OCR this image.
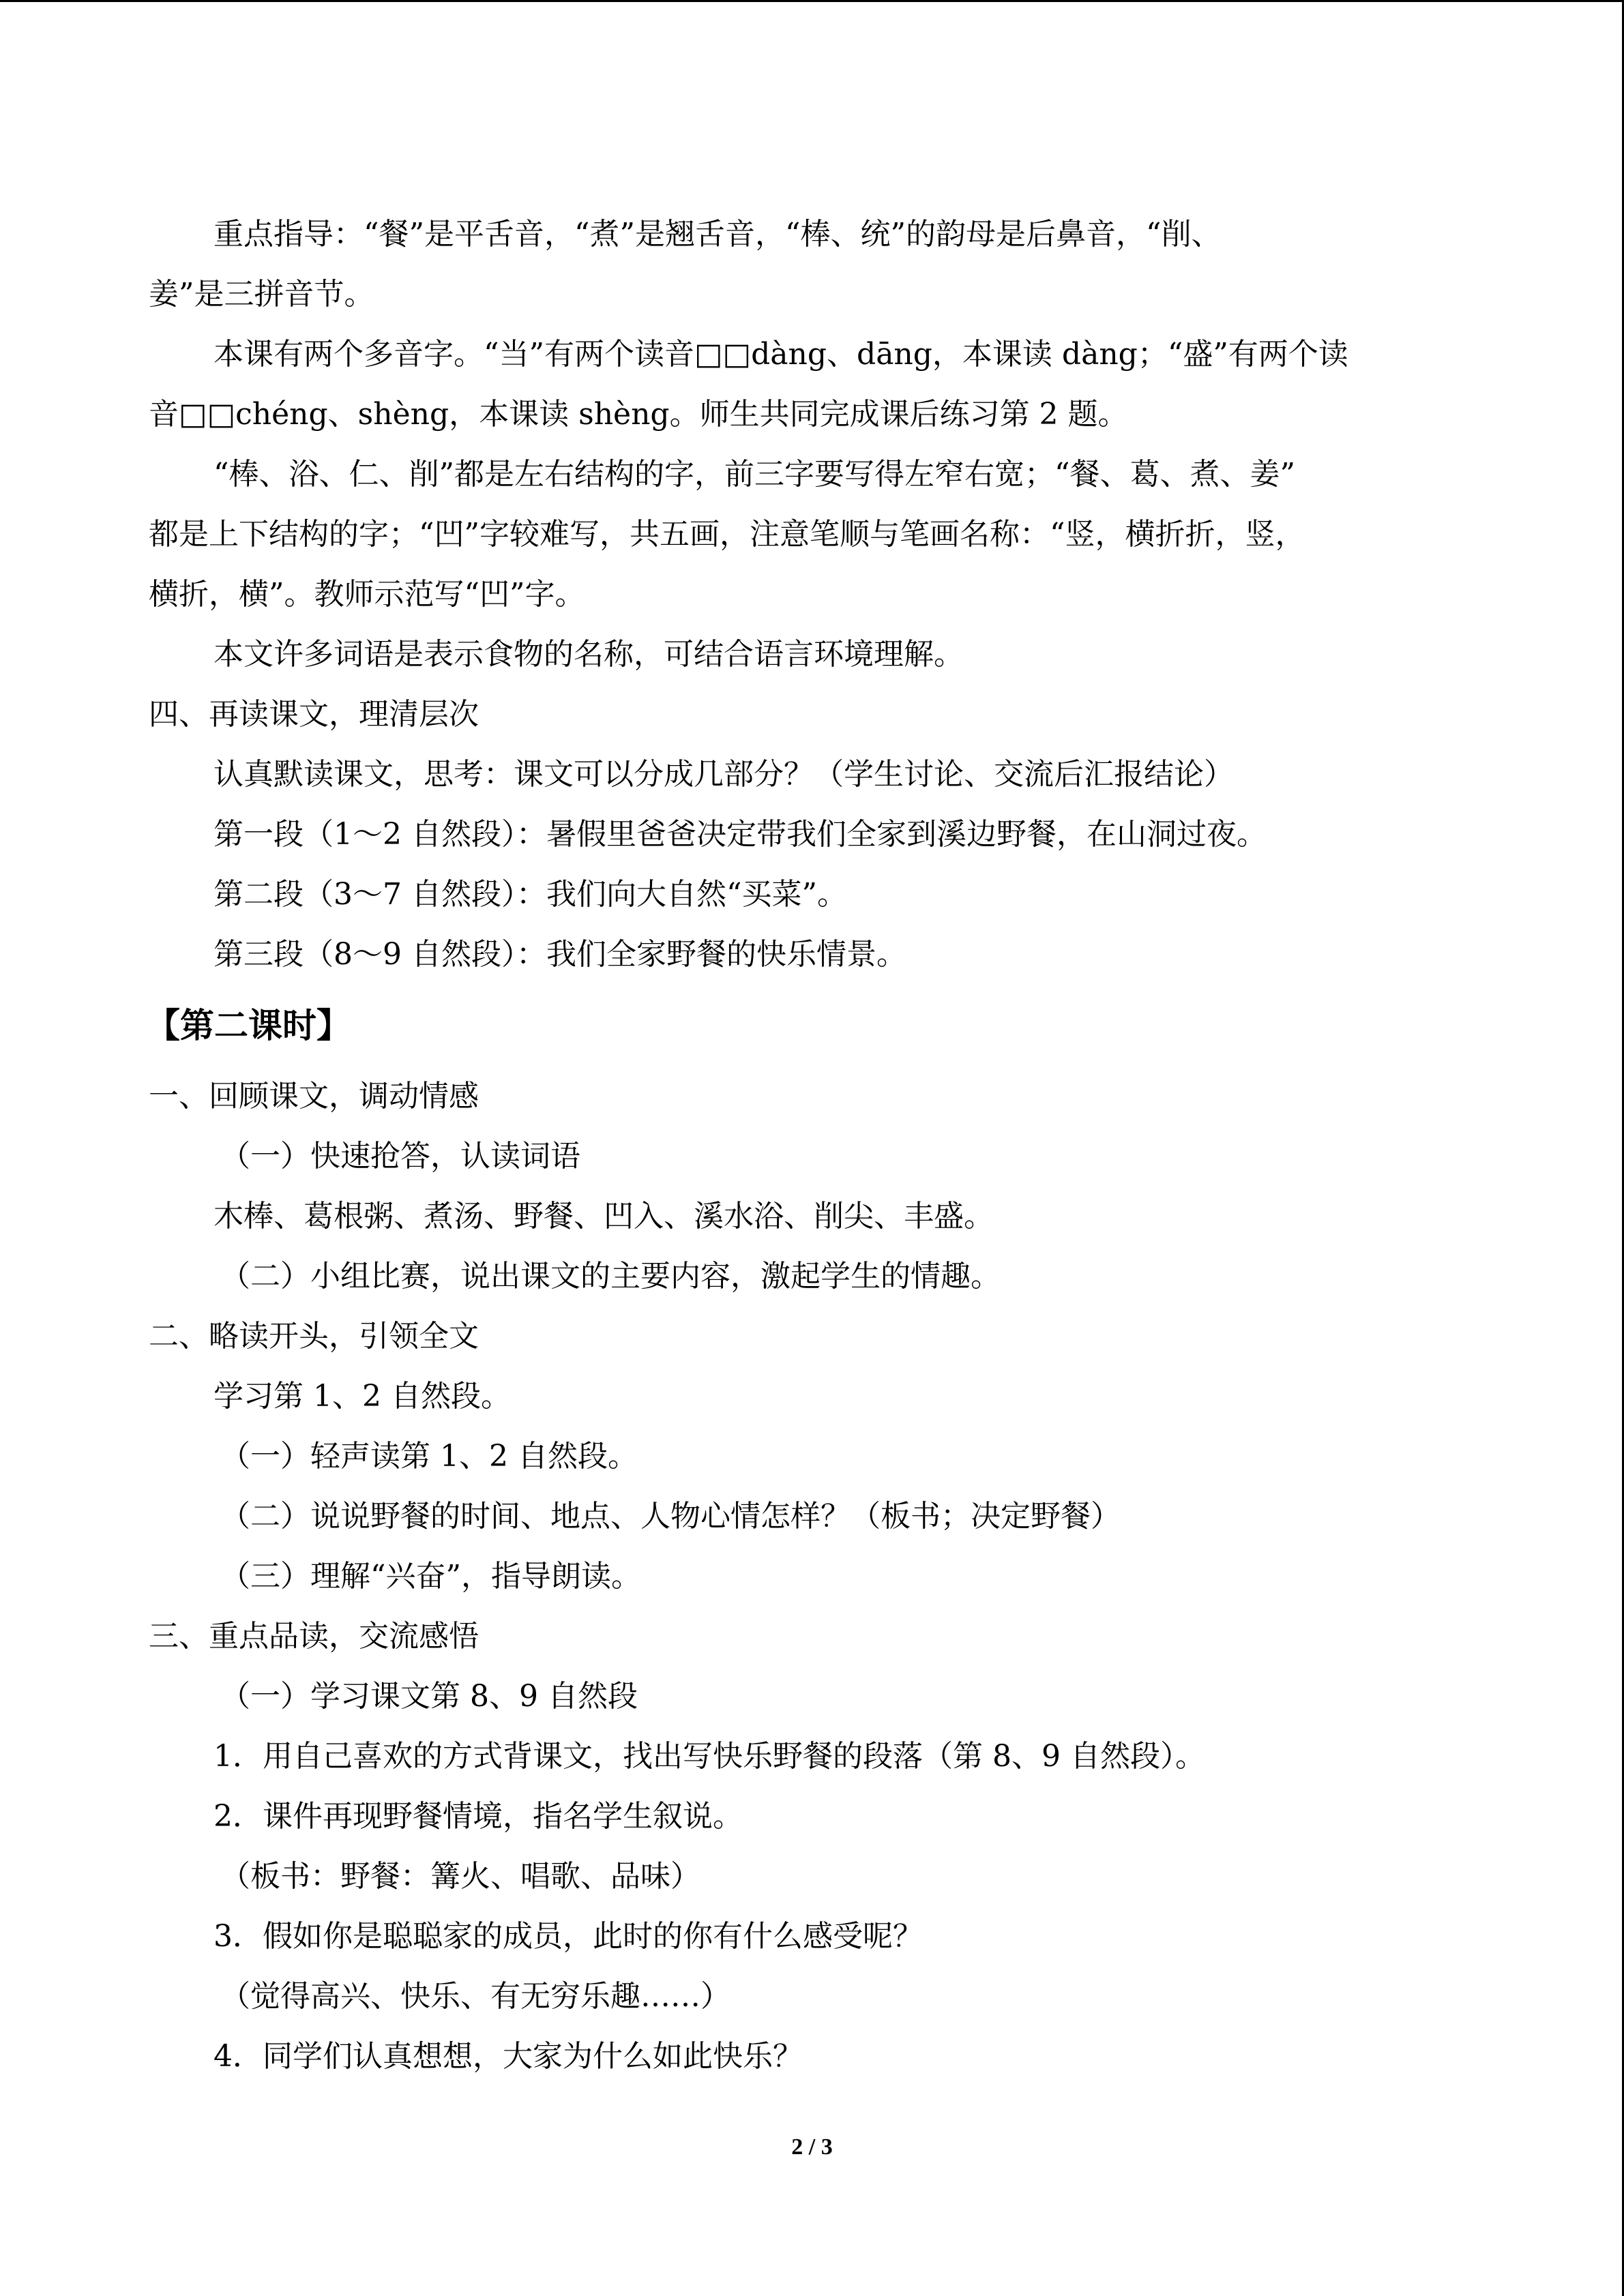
重点指导：“餐”是平舌音，“煮”是翘舌音，“棒、统”的韵母是后鼻音，“削、

姜”是三拼音节。

本课有两个多音字。“当”有两个读音□□dàng、dāng，本课读 dàng；“盛”有两个读

音□□chéng、shèng，本课读 shèng。师生共同完成课后练习第 2 题。

“棒、浴、仁、削”都是左右结构的字，前三字要写得左窄右宽；“餐、葛、煮、姜”

都是上下结构的字；“凹”字较难写，共五画，注意笔顺与笔画名称：“竖，横折折，竖，

横折，横”。教师示范写“凹”字。

本文许多词语是表示食物的名称，可结合语言环境理解。

四、再读课文，理清层次

认真默读课文，思考：课文可以分成几部分？（学生讨论、交流后汇报结论）

第一段（1～2 自然段）：暑假里爸爸决定带我们全家到溪边野餐，在山洞过夜。

第二段（3～7 自然段）：我们向大自然“买菜”。

第三段（8～9 自然段）：我们全家野餐的快乐情景。

【第二课时】

一、回顾课文，调动情感

（一）快速抢答，认读词语

木棒、葛根粥、煮汤、野餐、凹入、溪水浴、削尖、丰盛。

（二）小组比赛，说出课文的主要内容，激起学生的情趣。

二、略读开头，引领全文

学习第 1、2 自然段。

（一）轻声读第 1、2 自然段。

（二）说说野餐的时间、地点、人物心情怎样？（板书；决定野餐）

（三）理解“兴奋”，指导朗读。

三、重点品读，交流感悟

（一）学习课文第 8、9 自然段

1．用自己喜欢的方式背课文，找出写快乐野餐的段落（第 8、9 自然段）。

2．课件再现野餐情境，指名学生叙说。

（板书：野餐：篝火、唱歌、品味）

3．假如你是聪聪家的成员，此时的你有什么感受呢？

（觉得高兴、快乐、有无穷乐趣……）

4．同学们认真想想，大家为什么如此快乐？

2 / 3
